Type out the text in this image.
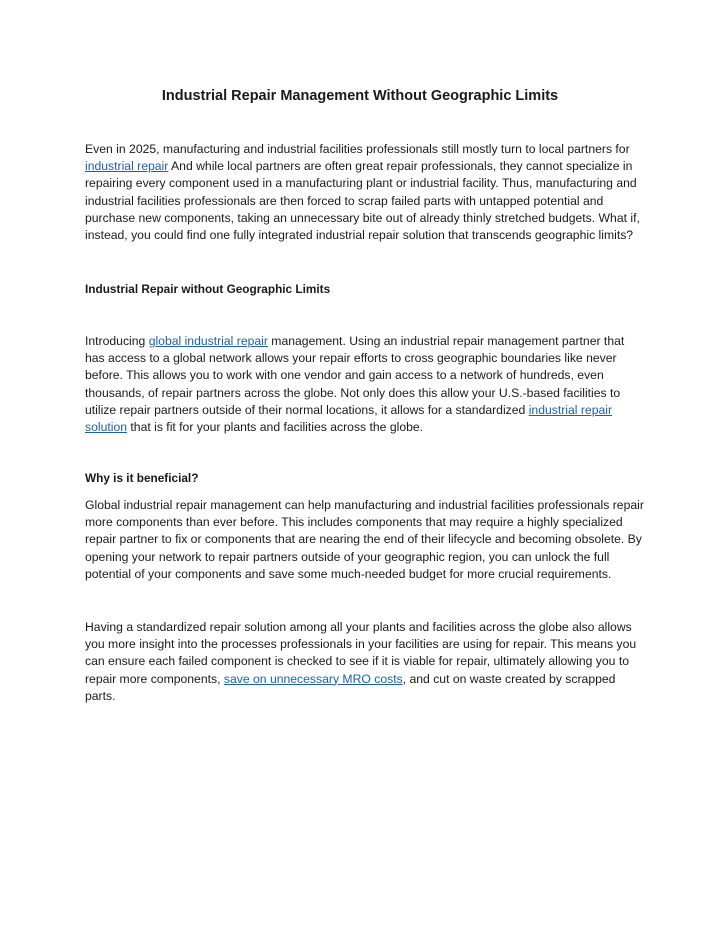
Industrial Repair Management Without Geographic Limits

Even in 2025, manufacturing and industrial facilities professionals still mostly turn to local partners for industrial repair And while local partners are often great repair professionals, they cannot specialize in repairing every component used in a manufacturing plant or industrial facility. Thus, manufacturing and industrial facilities professionals are then forced to scrap failed parts with untapped potential and purchase new components, taking an unnecessary bite out of already thinly stretched budgets. What if, instead, you could find one fully integrated industrial repair solution that transcends geographic limits?

Industrial Repair without Geographic Limits

Introducing global industrial repair management. Using an industrial repair management partner that has access to a global network allows your repair efforts to cross geographic boundaries like never before. This allows you to work with one vendor and gain access to a network of hundreds, even thousands, of repair partners across the globe. Not only does this allow your U.S.-based facilities to utilize repair partners outside of their normal locations, it allows for a standardized industrial repair solution that is fit for your plants and facilities across the globe.

Why is it beneficial?

Global industrial repair management can help manufacturing and industrial facilities professionals repair more components than ever before. This includes components that may require a highly specialized repair partner to fix or components that are nearing the end of their lifecycle and becoming obsolete. By opening your network to repair partners outside of your geographic region, you can unlock the full potential of your components and save some much-needed budget for more crucial requirements.

Having a standardized repair solution among all your plants and facilities across the globe also allows you more insight into the processes professionals in your facilities are using for repair. This means you can ensure each failed component is checked to see if it is viable for repair, ultimately allowing you to repair more components, save on unnecessary MRO costs, and cut on waste created by scrapped parts.
